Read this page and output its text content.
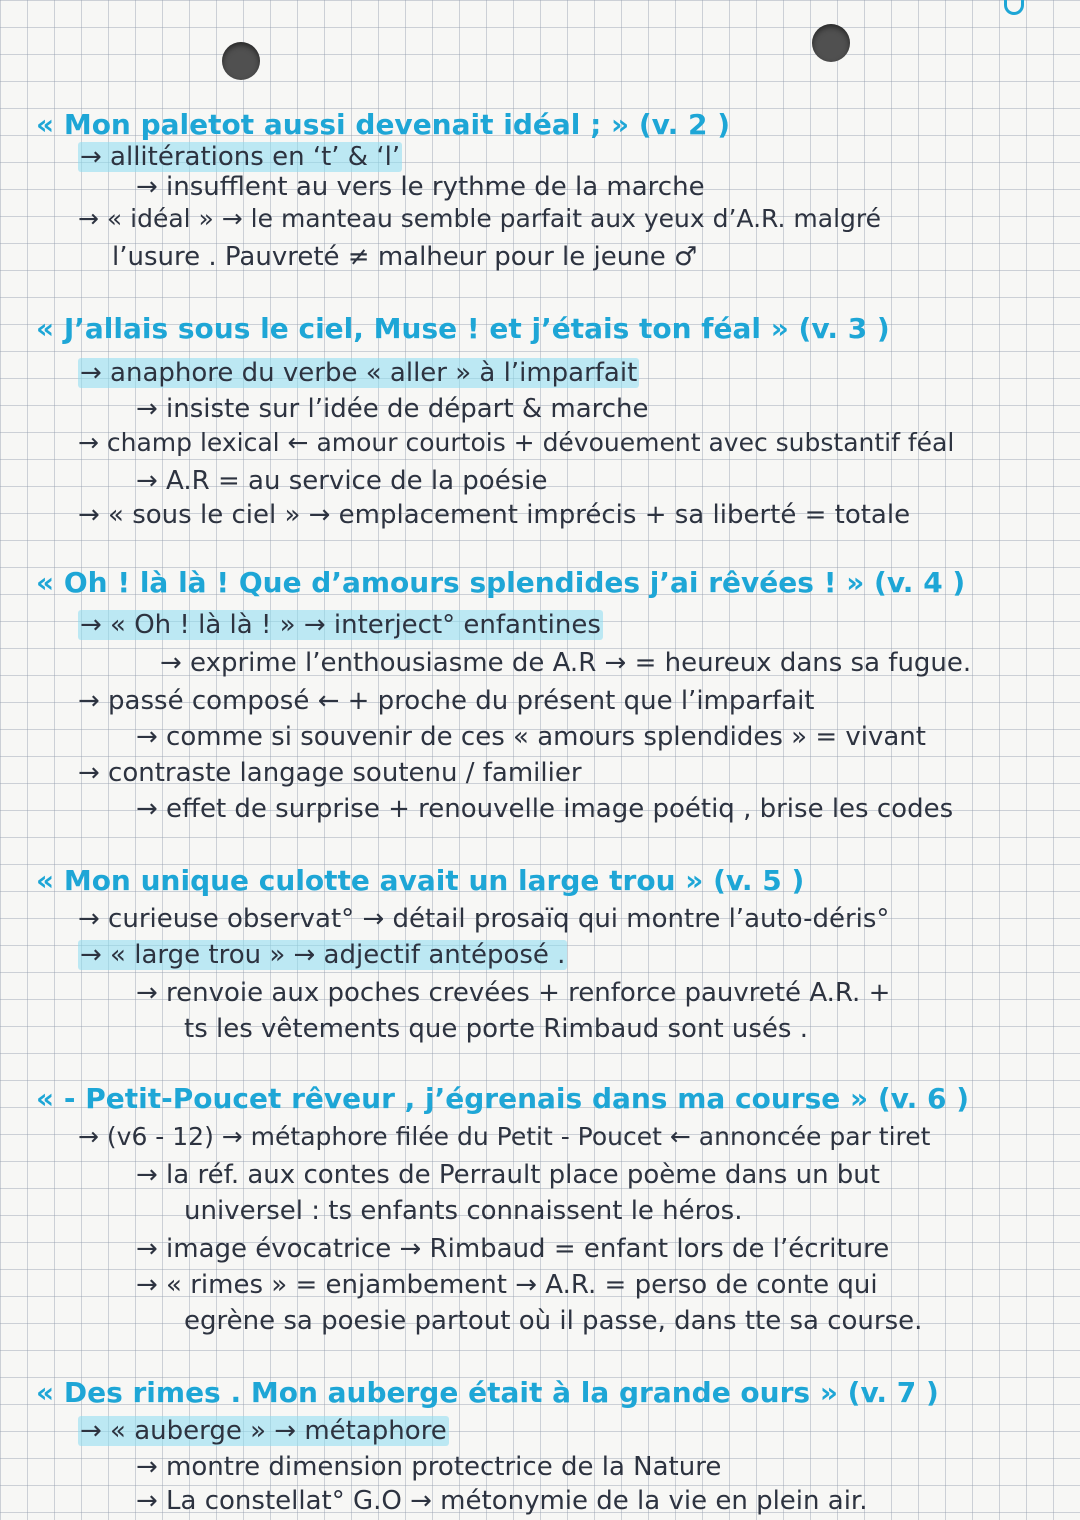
« Mon paletot aussi devenait idéal ; » (v. 2 )
→ allitérations en ‘t’ & ‘l’
→ insufflent au vers le rythme de la marche
→ « idéal » → le manteau semble parfait aux yeux d’A.R. malgré
l’usure . Pauvreté ≠ malheur pour le jeune ♂
« J’allais sous le ciel, Muse ! et j’étais ton féal » (v. 3 )
→ anaphore du verbe « aller » à l’imparfait
→ insiste sur l’idée de départ & marche
→ champ lexical ← amour courtois + dévouement avec substantif féal
→ A.R = au service de la poésie
→ « sous le ciel » → emplacement imprécis + sa liberté = totale
« Oh ! là là ! Que d’amours splendides j’ai rêvées ! » (v. 4 )
→ « Oh ! là là ! » → interject° enfantines
→ exprime l’enthousiasme de A.R → = heureux dans sa fugue.
→ passé composé ← + proche du présent que l’imparfait
→ comme si souvenir de ces « amours splendides » = vivant
→ contraste langage soutenu / familier
→ effet de surprise + renouvelle image poétiq , brise les codes
« Mon unique culotte avait un large trou » (v. 5 )
→ curieuse observat° → détail prosaïq qui montre l’auto-déris°
→ « large trou » → adjectif antéposé .
→ renvoie aux poches crevées + renforce pauvreté A.R. +
ts les vêtements que porte Rimbaud sont usés .
« - Petit-Poucet rêveur , j’égrenais dans ma course » (v. 6 )
→ (v6 - 12) → métaphore filée du Petit - Poucet ← annoncée par tiret
→ la réf. aux contes de Perrault place poème dans un but
universel : ts enfants connaissent le héros.
→ image évocatrice → Rimbaud = enfant lors de l’écriture
→ « rimes » = enjambement → A.R. = perso de conte qui
egrène sa poesie partout où il passe, dans tte sa course.
« Des rimes . Mon auberge était à la grande ours » (v. 7 )
→ « auberge » → métaphore
→ montre dimension protectrice de la Nature
→ La constellat° G.O → métonymie de la vie en plein air.
